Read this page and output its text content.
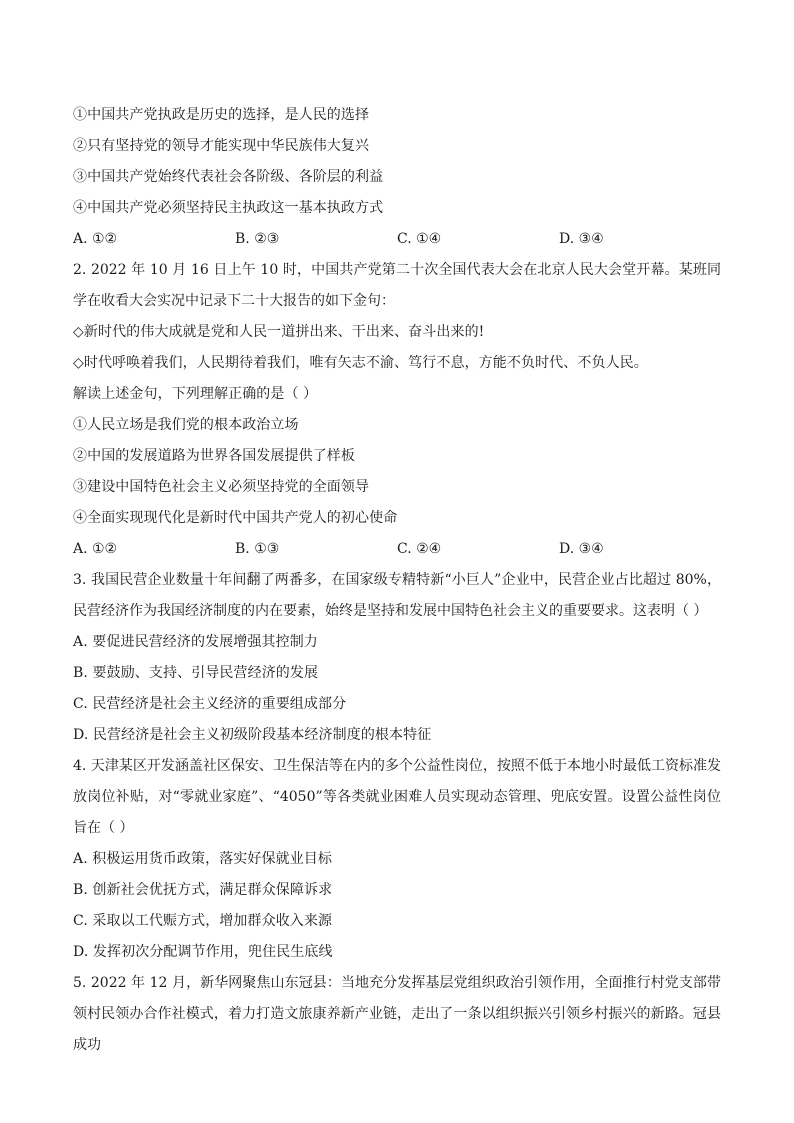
①中国共产党执政是历史的选择，是人民的选择
②只有坚持党的领导才能实现中华民族伟大复兴
③中国共产党始终代表社会各阶级、各阶层的利益
④中国共产党必须坚持民主执政这一基本执政方式
A. ①②	B. ②③	C. ①④	D. ③④
2. 2022 年 10 月 16 日上午 10 时，中国共产党第二十次全国代表大会在北京人民大会堂开幕。某班同学在收看大会实况中记录下二十大报告的如下金句：
◇新时代的伟大成就是党和人民一道拼出来、干出来、奋斗出来的!
◇时代呼唤着我们，人民期待着我们，唯有矢志不渝、笃行不息，方能不负时代、不负人民。
解读上述金句，下列理解正确的是（ ）
①人民立场是我们党的根本政治立场
②中国的发展道路为世界各国发展提供了样板
③建设中国特色社会主义必须坚持党的全面领导
④全面实现现代化是新时代中国共产党人的初心使命
A. ①②	B. ①③	C. ②④	D. ③④
3. 我国民营企业数量十年间翻了两番多，在国家级专精特新“小巨人”企业中，民营企业占比超过 80%，民营经济作为我国经济制度的内在要素，始终是坚持和发展中国特色社会主义的重要要求。这表明（ ）
A. 要促进民营经济的发展增强其控制力
B. 要鼓励、支持、引导民营经济的发展
C. 民营经济是社会主义经济的重要组成部分
D. 民营经济是社会主义初级阶段基本经济制度的根本特征
4. 天津某区开发涵盖社区保安、卫生保洁等在内的多个公益性岗位，按照不低于本地小时最低工资标准发放岗位补贴，对“零就业家庭”、“4050”等各类就业困难人员实现动态管理、兜底安置。设置公益性岗位旨在（ ）
A. 积极运用货币政策，落实好保就业目标
B. 创新社会优抚方式，满足群众保障诉求
C. 采取以工代赈方式，增加群众收入来源
D. 发挥初次分配调节作用，兜住民生底线
5. 2022 年 12 月，新华网聚焦山东冠县：当地充分发挥基层党组织政治引领作用，全面推行村党支部带领村民领办合作社模式，着力打造文旅康养新产业链，走出了一条以组织振兴引领乡村振兴的新路。冠县成功
